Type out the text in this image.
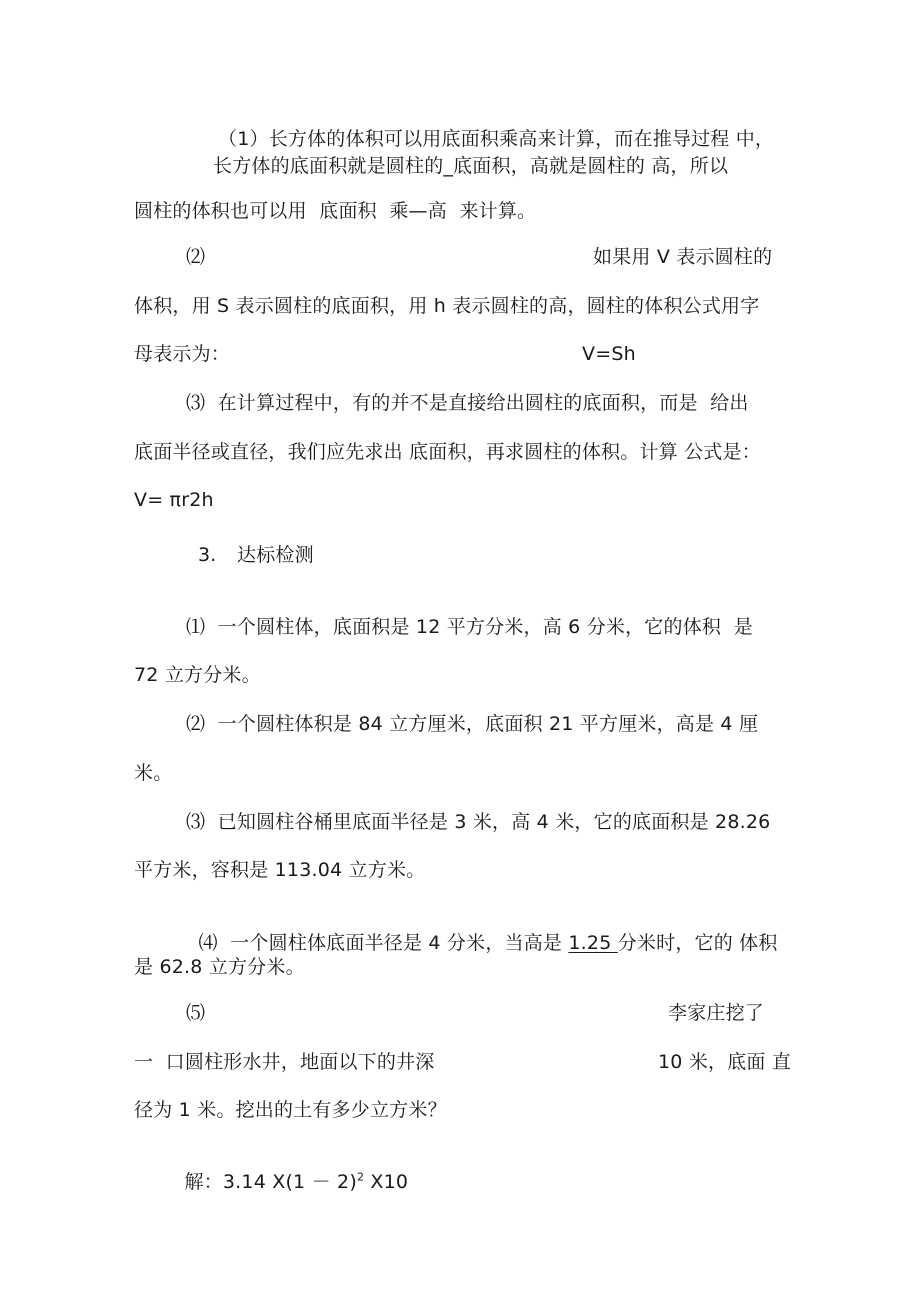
（1）长方体的体积可以用底面积乘高来计算，而在推导过程 中，
长方体的底面积就是圆柱的_底面积，高就是圆柱的 高，所以
圆柱的体积也可以用  底面积  乘—高  来计算。
⑵	如果用 V 表示圆柱的
体积，用 S 表示圆柱的底面积，用 h 表示圆柱的高，圆柱的体积公式用字
母表示为：	V=Sh
⑶  在计算过程中，有的并不是直接给出圆柱的底面积，而是  给出
底面半径或直径，我们应先求出 底面积，再求圆柱的体积。计算 公式是：
V= πr2h
3. 达标检测
⑴  一个圆柱体，底面积是 12 平方分米，高 6 分米，它的体积  是
72 立方分米。
⑵  一个圆柱体积是 84 立方厘米，底面积 21 平方厘米，高是 4 厘
米。
⑶  已知圆柱谷桶里底面半径是 3 米，高 4 米，它的底面积是 28.26
平方米，容积是 113.04 立方米。

⑷  一个圆柱体底面半径是 4 分米，当高是 1.25 分米时，它的 体积

是 62.8 立方分米。
⑸	李家庄挖了
一  口圆柱形水井，地面以下的井深	10 米，底面 直
径为 1 米。挖出的土有多少立方米？

解：3.14 $X(1 - 2)^2$ X10
